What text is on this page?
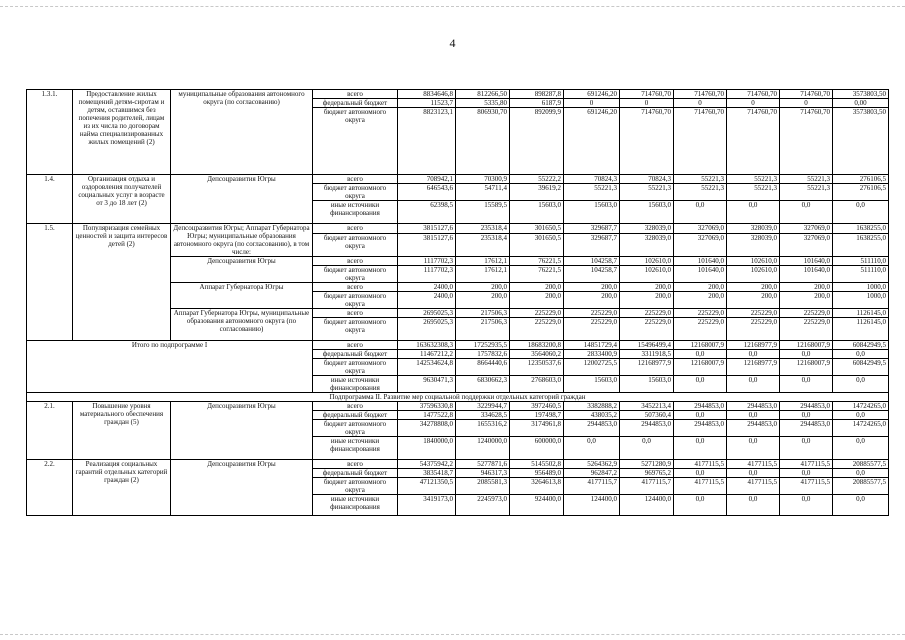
4
1.3.1.	Предоставление жилых помещений детям-сиротам и детям, оставшимся без попечения родителей, лицам из их числа по договорам найма специализированных жилых помещений (2)	муниципальные образования автономного округа (по согласованию)	всего	8834646,8	812266,50	898287,8	691246,20	714760,70	714760,70	714760,70	714760,70	3573803,50
			федеральный бюджет	11523,7	5335,80	6187,9	0	0	0	0	0	0,00
			бюджет автономного округа	8823123,1	806930,70	892099,9	691246,20	714760,70	714760,70	714760,70	714760,70	3573803,50
1.4.	Организация отдыха и оздоровления получателей социальных услуг в возрасте от 3 до 18 лет (2)	Депсоцразвития Югры	всего	708942,1	70300,9	55222,2	70824,3	70824,3	55221,3	55221,3	55221,3	276106,5
			бюджет автономного округа	646543,6	54711,4	39619,2	55221,3	55221,3	55221,3	55221,3	55221,3	276106,5
			иные источники финансирования	62398,5	15589,5	15603,0	15603,0	15603,0	0,0	0,0	0,0	0,0
1.5.	Популяризация семейных ценностей и защита интересов детей (2)	Депсоцразвития Югры; Аппарат Губернатора Югры; муниципальные образования автономного округа (по согласованию), в том числе:	всего	3815127,6	235318,4	301650,5	329687,7	328039,0	327069,0	328039,0	327069,0	1638255,0
			бюджет автономного округа	3815127,6	235318,4	301650,5	329687,7	328039,0	327069,0	328039,0	327069,0	1638255,0
		Депсоцразвития Югры	всего	1117702,3	17612,1	76221,5	104258,7	102610,0	101640,0	102610,0	101640,0	511110,0
			бюджет автономного округа	1117702,3	17612,1	76221,5	104258,7	102610,0	101640,0	102610,0	101640,0	511110,0
		Аппарат Губернатора Югры	всего	2400,0	200,0	200,0	200,0	200,0	200,0	200,0	200,0	1000,0
			бюджет автономного округа	2400,0	200,0	200,0	200,0	200,0	200,0	200,0	200,0	1000,0
		Аппарат Губернатора Югры, муниципальные образования автономного округа (по согласованию)	всего	2695025,3	217506,3	225229,0	225229,0	225229,0	225229,0	225229,0	225229,0	1126145,0
			бюджет автономного округа	2695025,3	217506,3	225229,0	225229,0	225229,0	225229,0	225229,0	225229,0	1126145,0
Итого по подпрограмме I			всего	163632308,3	17252935,5	18683200,8	14851729,4	15496499,4	12168007,9	12168977,9	12168007,9	60842949,5
			федеральный бюджет	11467212,2	1757832,6	3564060,2	2833400,9	3311918,5	0,0	0,0	0,0	0,0
			бюджет автономного округа	142534624,8	8664440,6	12350537,6	12002725,5	12168977,9	12168007,9	12168977,9	12168007,9	60842949,5
			иные источники финансирования	9630471,3	6830662,3	2768603,0	15603,0	15603,0	0,0	0,0	0,0	0,0
Подпрограмма II. Развитие мер социальной поддержки отдельных категорий граждан												
2.1.	Повышение уровня материального обеспечения граждан (5)	Депсоцразвития Югры	всего	37596330,8	3229944,7	3972460,5	3382888,2	3452213,4	2944853,0	2944853,0	2944853,0	14724265,0
			федеральный бюджет	1477522,8	334628,5	197498,7	438035,2	507360,4	0,0	0,0	0,0	0,0
			бюджет автономного округа	34278808,0	1655316,2	3174961,8	2944853,0	2944853,0	2944853,0	2944853,0	2944853,0	14724265,0
			иные источники финансирования	1840000,0	1240000,0	600000,0	0,0	0,0	0,0	0,0	0,0	0,0
2.2.	Реализация социальных гарантий отдельных категорий граждан (2)	Депсоцразвития Югры	всего	54375942,2	5277871,6	5145502,8	5264362,9	5271280,9	4177115,5	4177115,5	4177115,5	20885577,5
			федеральный бюджет	3835418,7	946317,3	956489,0	962847,2	969765,2	0,0	0,0	0,0	0,0
			бюджет автономного округа	47121350,5	2085581,3	3264613,8	4177115,7	4177115,7	4177115,5	4177115,5	4177115,5	20885577,5
			иные источники финансирования	3419173,0	2245973,0	924400,0	124400,0	124400,0	0,0	0,0	0,0	0,0
